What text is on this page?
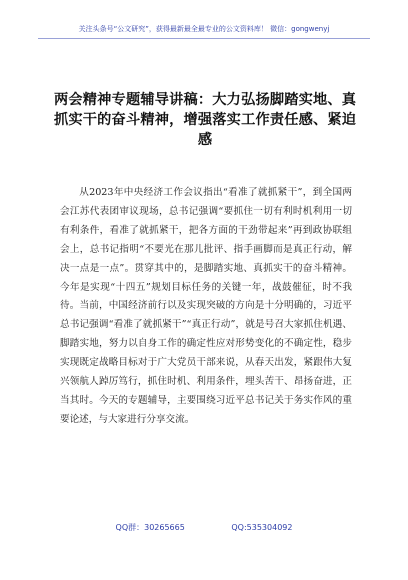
关注头条号“公文研究”，获得最新最全最专业的公文资料库！ 微信：gongwenyj
两会精神专题辅导讲稿：大力弘扬脚踏实地、真抓实干的奋斗精神，增强落实工作责任感、紧迫感

从2023年中央经济工作会议指出“看准了就抓紧干”，到全国两会江苏代表团审议现场，总书记强调“要抓住一切有利时机利用一切有利条件，看准了就抓紧干，把各方面的干劲带起来”再到政协联组会上，总书记指明“不要光在那儿批评、指手画脚而是真正行动，解决一点是一点”。贯穿其中的，是脚踏实地、真抓实干的奋斗精神。今年是实现“十四五”规划目标任务的关键一年，战鼓催征，时不我待。当前，中国经济前行以及实现突破的方向是十分明确的，习近平总书记强调“看准了就抓紧干”“真正行动”，就是号召大家抓住机遇、脚踏实地，努力以自身工作的确定性应对形势变化的不确定性，稳步实现既定战略目标对于广大党员干部来说，从春天出发，紧跟伟大复兴领航人踔厉笃行，抓住时机、利用条件，埋头苦干、昂扬奋进，正当其时。今天的专题辅导，主要围绕习近平总书记关于务实作风的重要论述，与大家进行分享交流。

QQ群：30265665	QQ:535304092
